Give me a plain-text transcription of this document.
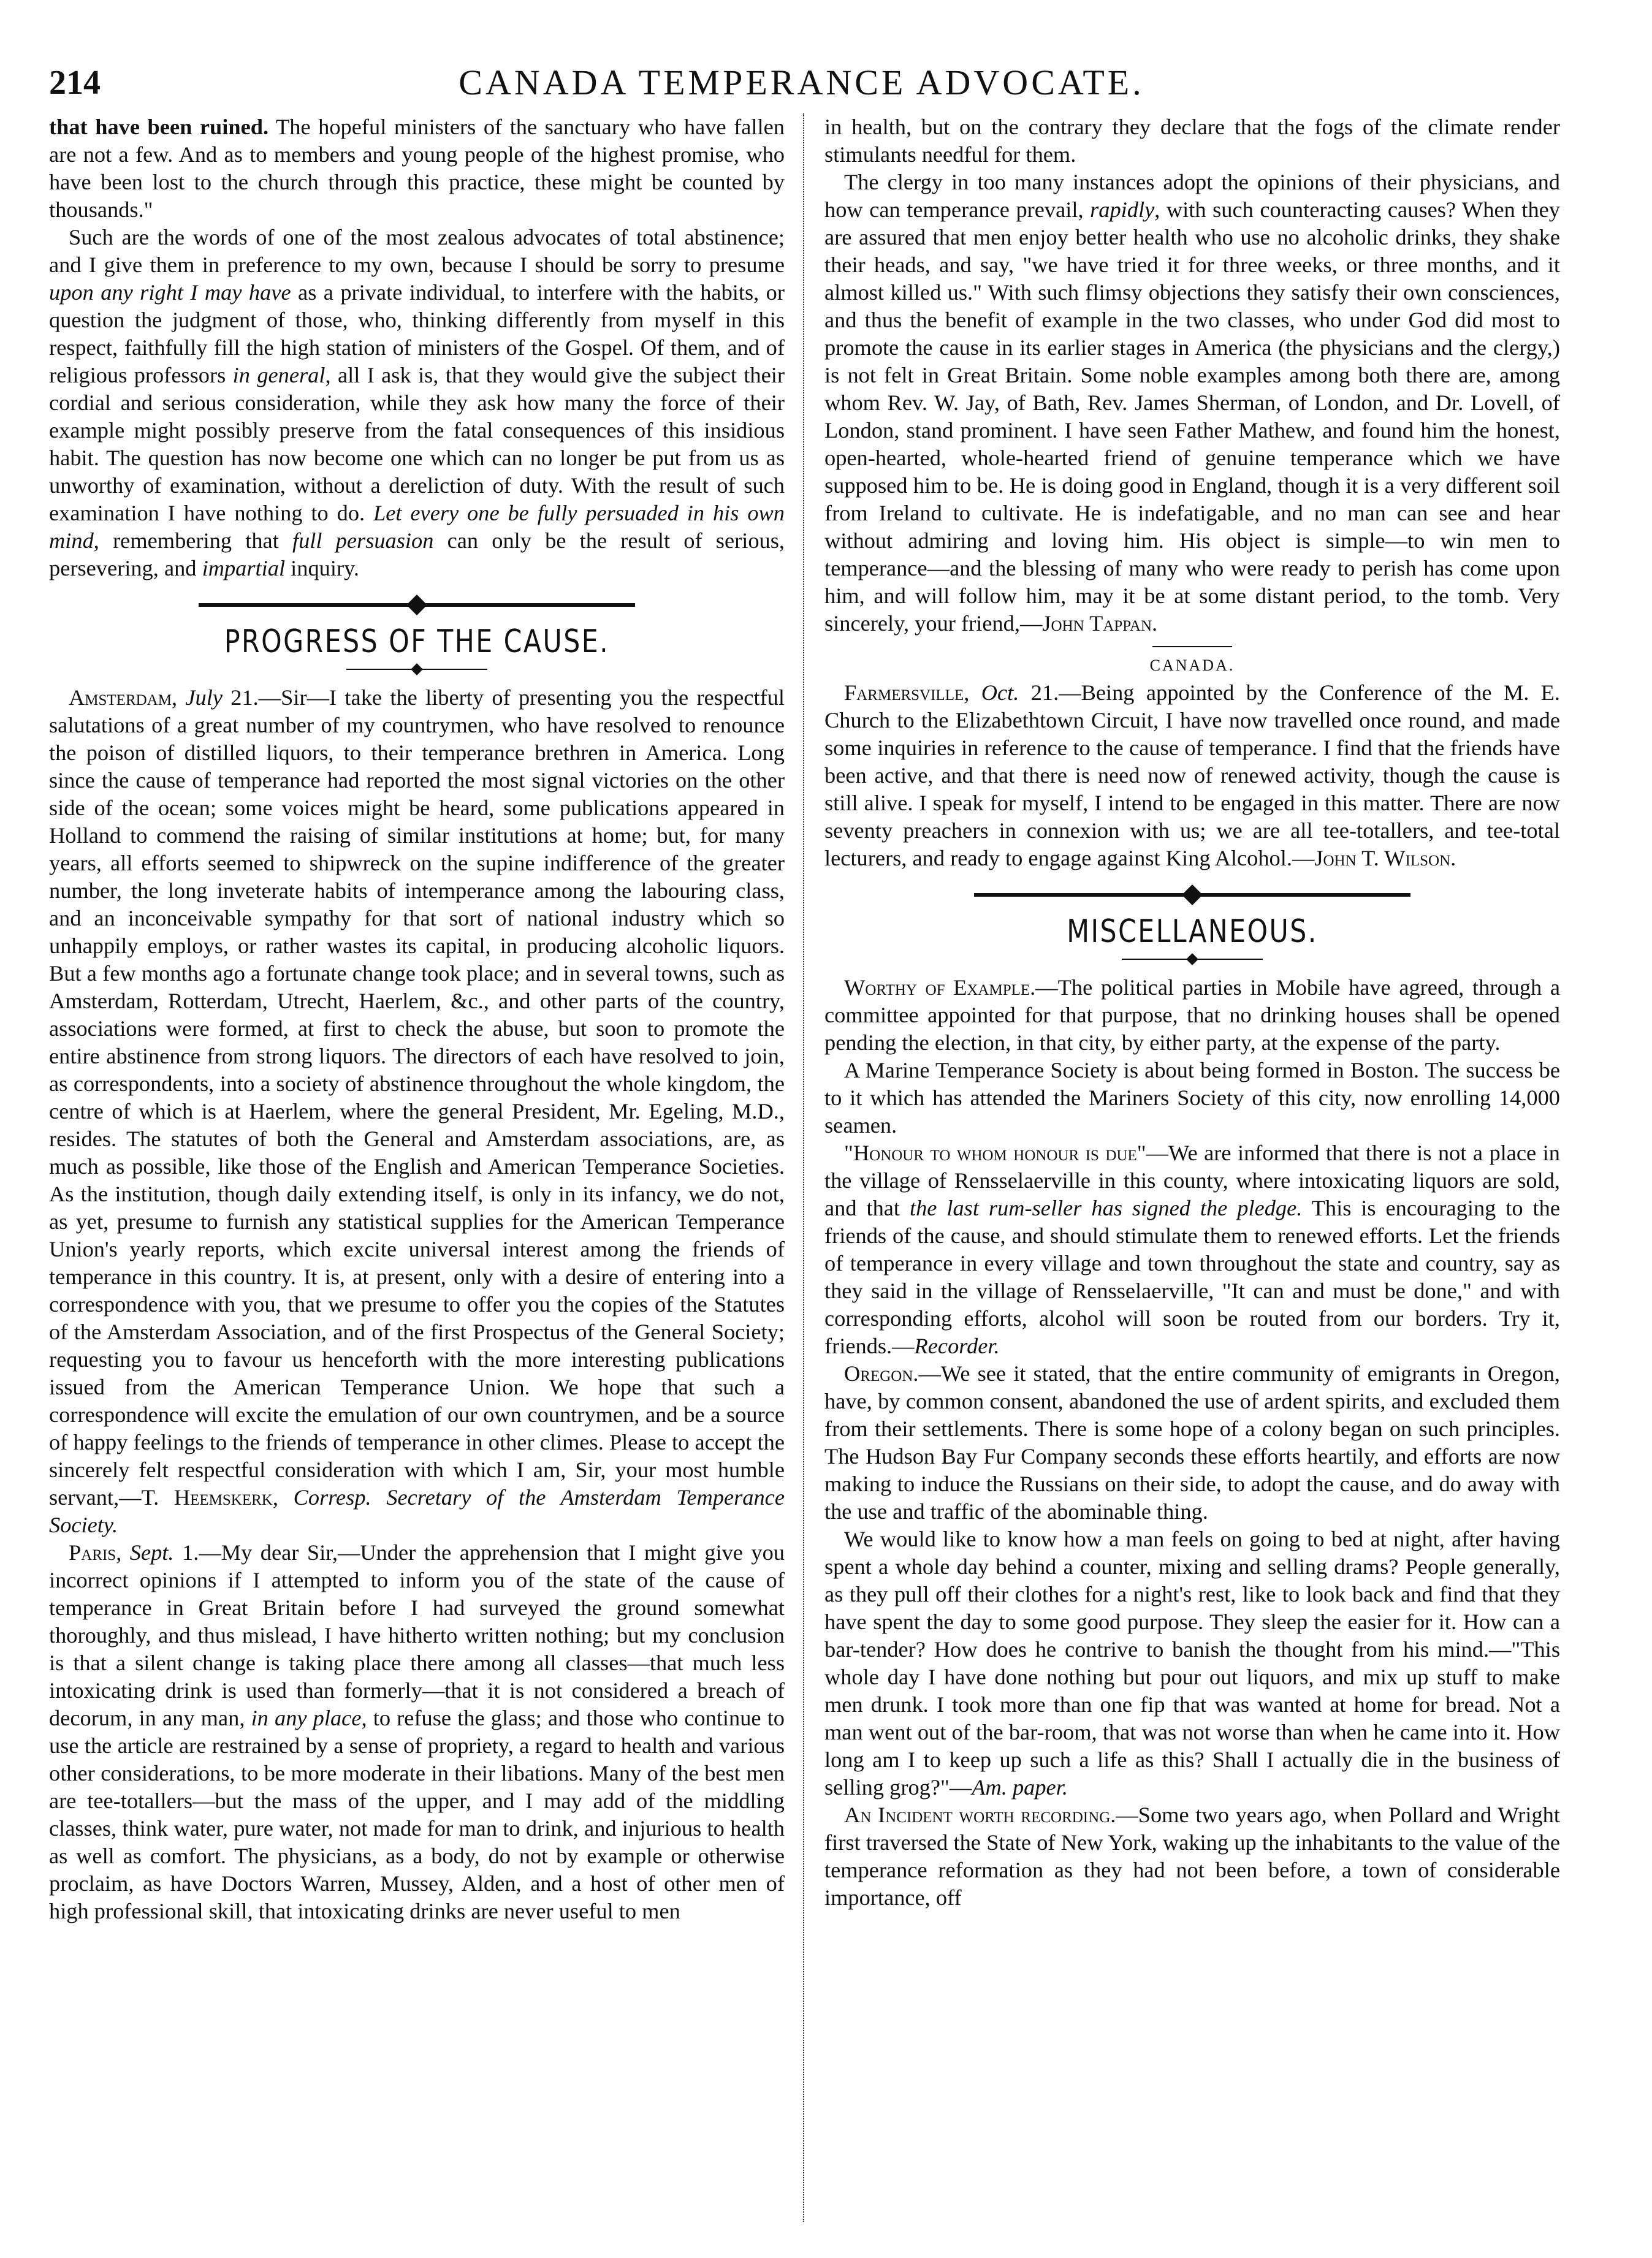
214	CANADA TEMPERANCE ADVOCATE.

that have been ruined. The hopeful ministers of the sanctuary who have fallen are not a few. And as to members and young people of the highest promise, who have been lost to the church through this practice, these might be counted by thousands."

Such are the words of one of the most zealous advocates of total abstinence; and I give them in preference to my own, because I should be sorry to presume upon any right I may have as a private individual, to interfere with the habits, or question the judgment of those, who, thinking differently from myself in this respect, faithfully fill the high station of ministers of the Gospel. Of them, and of religious professors in general, all I ask is, that they would give the subject their cordial and serious consideration, while they ask how many the force of their example might possibly preserve from the fatal consequences of this insidious habit. The question has now become one which can no longer be put from us as unworthy of examination, without a dereliction of duty. With the result of such examination I have nothing to do. Let every one be fully persuaded in his own mind, remembering that full persuasion can only be the result of serious, persevering, and impartial inquiry.

PROGRESS OF THE CAUSE.

Amsterdam, July 21.—Sir—I take the liberty of presenting you the respectful salutations of a great number of my countrymen, who have resolved to renounce the poison of distilled liquors, to their temperance brethren in America. Long since the cause of temperance had reported the most signal victories on the other side of the ocean; some voices might be heard, some publications appeared in Holland to commend the raising of similar institutions at home; but, for many years, all efforts seemed to shipwreck on the supine indifference of the greater number, the long inveterate habits of intemperance among the labouring class, and an inconceivable sympathy for that sort of national industry which so unhappily employs, or rather wastes its capital, in producing alcoholic liquors. But a few months ago a fortunate change took place; and in several towns, such as Amsterdam, Rotterdam, Utrecht, Haerlem, &c., and other parts of the country, associations were formed, at first to check the abuse, but soon to promote the entire abstinence from strong liquors. The directors of each have resolved to join, as correspondents, into a society of abstinence throughout the whole kingdom, the centre of which is at Haerlem, where the general President, Mr. Egeling, M.D., resides. The statutes of both the General and Amsterdam associations, are, as much as possible, like those of the English and American Temperance Societies. As the institution, though daily extending itself, is only in its infancy, we do not, as yet, presume to furnish any statistical supplies for the American Temperance Union's yearly reports, which excite universal interest among the friends of temperance in this country. It is, at present, only with a desire of entering into a correspondence with you, that we presume to offer you the copies of the Statutes of the Amsterdam Association, and of the first Prospectus of the General Society; requesting you to favour us henceforth with the more interesting publications issued from the American Temperance Union. We hope that such a correspondence will excite the emulation of our own countrymen, and be a source of happy feelings to the friends of temperance in other climes. Please to accept the sincerely felt respectful consideration with which I am, Sir, your most humble servant,—T. Heemskerk, Corresp. Secretary of the Amsterdam Temperance Society.

Paris, Sept. 1.—My dear Sir,—Under the apprehension that I might give you incorrect opinions if I attempted to inform you of the state of the cause of temperance in Great Britain before I had surveyed the ground somewhat thoroughly, and thus mislead, I have hitherto written nothing; but my conclusion is that a silent change is taking place there among all classes—that much less intoxicating drink is used than formerly—that it is not considered a breach of decorum, in any man, in any place, to refuse the glass; and those who continue to use the article are restrained by a sense of propriety, a regard to health and various other considerations, to be more moderate in their libations. Many of the best men are tee-totallers—but the mass of the upper, and I may add of the middling classes, think water, pure water, not made for man to drink, and injurious to health as well as comfort. The physicians, as a body, do not by example or otherwise proclaim, as have Doctors Warren, Mussey, Alden, and a host of other men of high professional skill, that intoxicating drinks are never useful to men

in health, but on the contrary they declare that the fogs of the climate render stimulants needful for them.

The clergy in too many instances adopt the opinions of their physicians, and how can temperance prevail, rapidly, with such counteracting causes? When they are assured that men enjoy better health who use no alcoholic drinks, they shake their heads, and say, "we have tried it for three weeks, or three months, and it almost killed us." With such flimsy objections they satisfy their own consciences, and thus the benefit of example in the two classes, who under God did most to promote the cause in its earlier stages in America (the physicians and the clergy,) is not felt in Great Britain. Some noble examples among both there are, among whom Rev. W. Jay, of Bath, Rev. James Sherman, of London, and Dr. Lovell, of London, stand prominent. I have seen Father Mathew, and found him the honest, open-hearted, whole-hearted friend of genuine temperance which we have supposed him to be. He is doing good in England, though it is a very different soil from Ireland to cultivate. He is indefatigable, and no man can see and hear without admiring and loving him. His object is simple—to win men to temperance—and the blessing of many who were ready to perish has come upon him, and will follow him, may it be at some distant period, to the tomb. Very sincerely, your friend,—John Tappan.

CANADA.

Farmersville, Oct. 21.—Being appointed by the Conference of the M. E. Church to the Elizabethtown Circuit, I have now travelled once round, and made some inquiries in reference to the cause of temperance. I find that the friends have been active, and that there is need now of renewed activity, though the cause is still alive. I speak for myself, I intend to be engaged in this matter. There are now seventy preachers in connexion with us; we are all tee-totallers, and tee-total lecturers, and ready to engage against King Alcohol.—John T. Wilson.

MISCELLANEOUS.

Worthy of Example.—The political parties in Mobile have agreed, through a committee appointed for that purpose, that no drinking houses shall be opened pending the election, in that city, by either party, at the expense of the party.

A Marine Temperance Society is about being formed in Boston. The success be to it which has attended the Mariners Society of this city, now enrolling 14,000 seamen.

"Honour to whom honour is due"—We are informed that there is not a place in the village of Rensselaerville in this county, where intoxicating liquors are sold, and that the last rum-seller has signed the pledge. This is encouraging to the friends of the cause, and should stimulate them to renewed efforts. Let the friends of temperance in every village and town throughout the state and country, say as they said in the village of Rensselaerville, "It can and must be done," and with corresponding efforts, alcohol will soon be routed from our borders. Try it, friends.—Recorder.

Oregon.—We see it stated, that the entire community of emigrants in Oregon, have, by common consent, abandoned the use of ardent spirits, and excluded them from their settlements. There is some hope of a colony began on such principles. The Hudson Bay Fur Company seconds these efforts heartily, and efforts are now making to induce the Russians on their side, to adopt the cause, and do away with the use and traffic of the abominable thing.

We would like to know how a man feels on going to bed at night, after having spent a whole day behind a counter, mixing and selling drams? People generally, as they pull off their clothes for a night's rest, like to look back and find that they have spent the day to some good purpose. They sleep the easier for it. How can a bar-tender? How does he contrive to banish the thought from his mind.—"This whole day I have done nothing but pour out liquors, and mix up stuff to make men drunk. I took more than one fip that was wanted at home for bread. Not a man went out of the bar-room, that was not worse than when he came into it. How long am I to keep up such a life as this? Shall I actually die in the business of selling grog?"—Am. paper.

An Incident worth recording.—Some two years ago, when Pollard and Wright first traversed the State of New York, waking up the inhabitants to the value of the temperance reformation as they had not been before, a town of considerable importance, off
